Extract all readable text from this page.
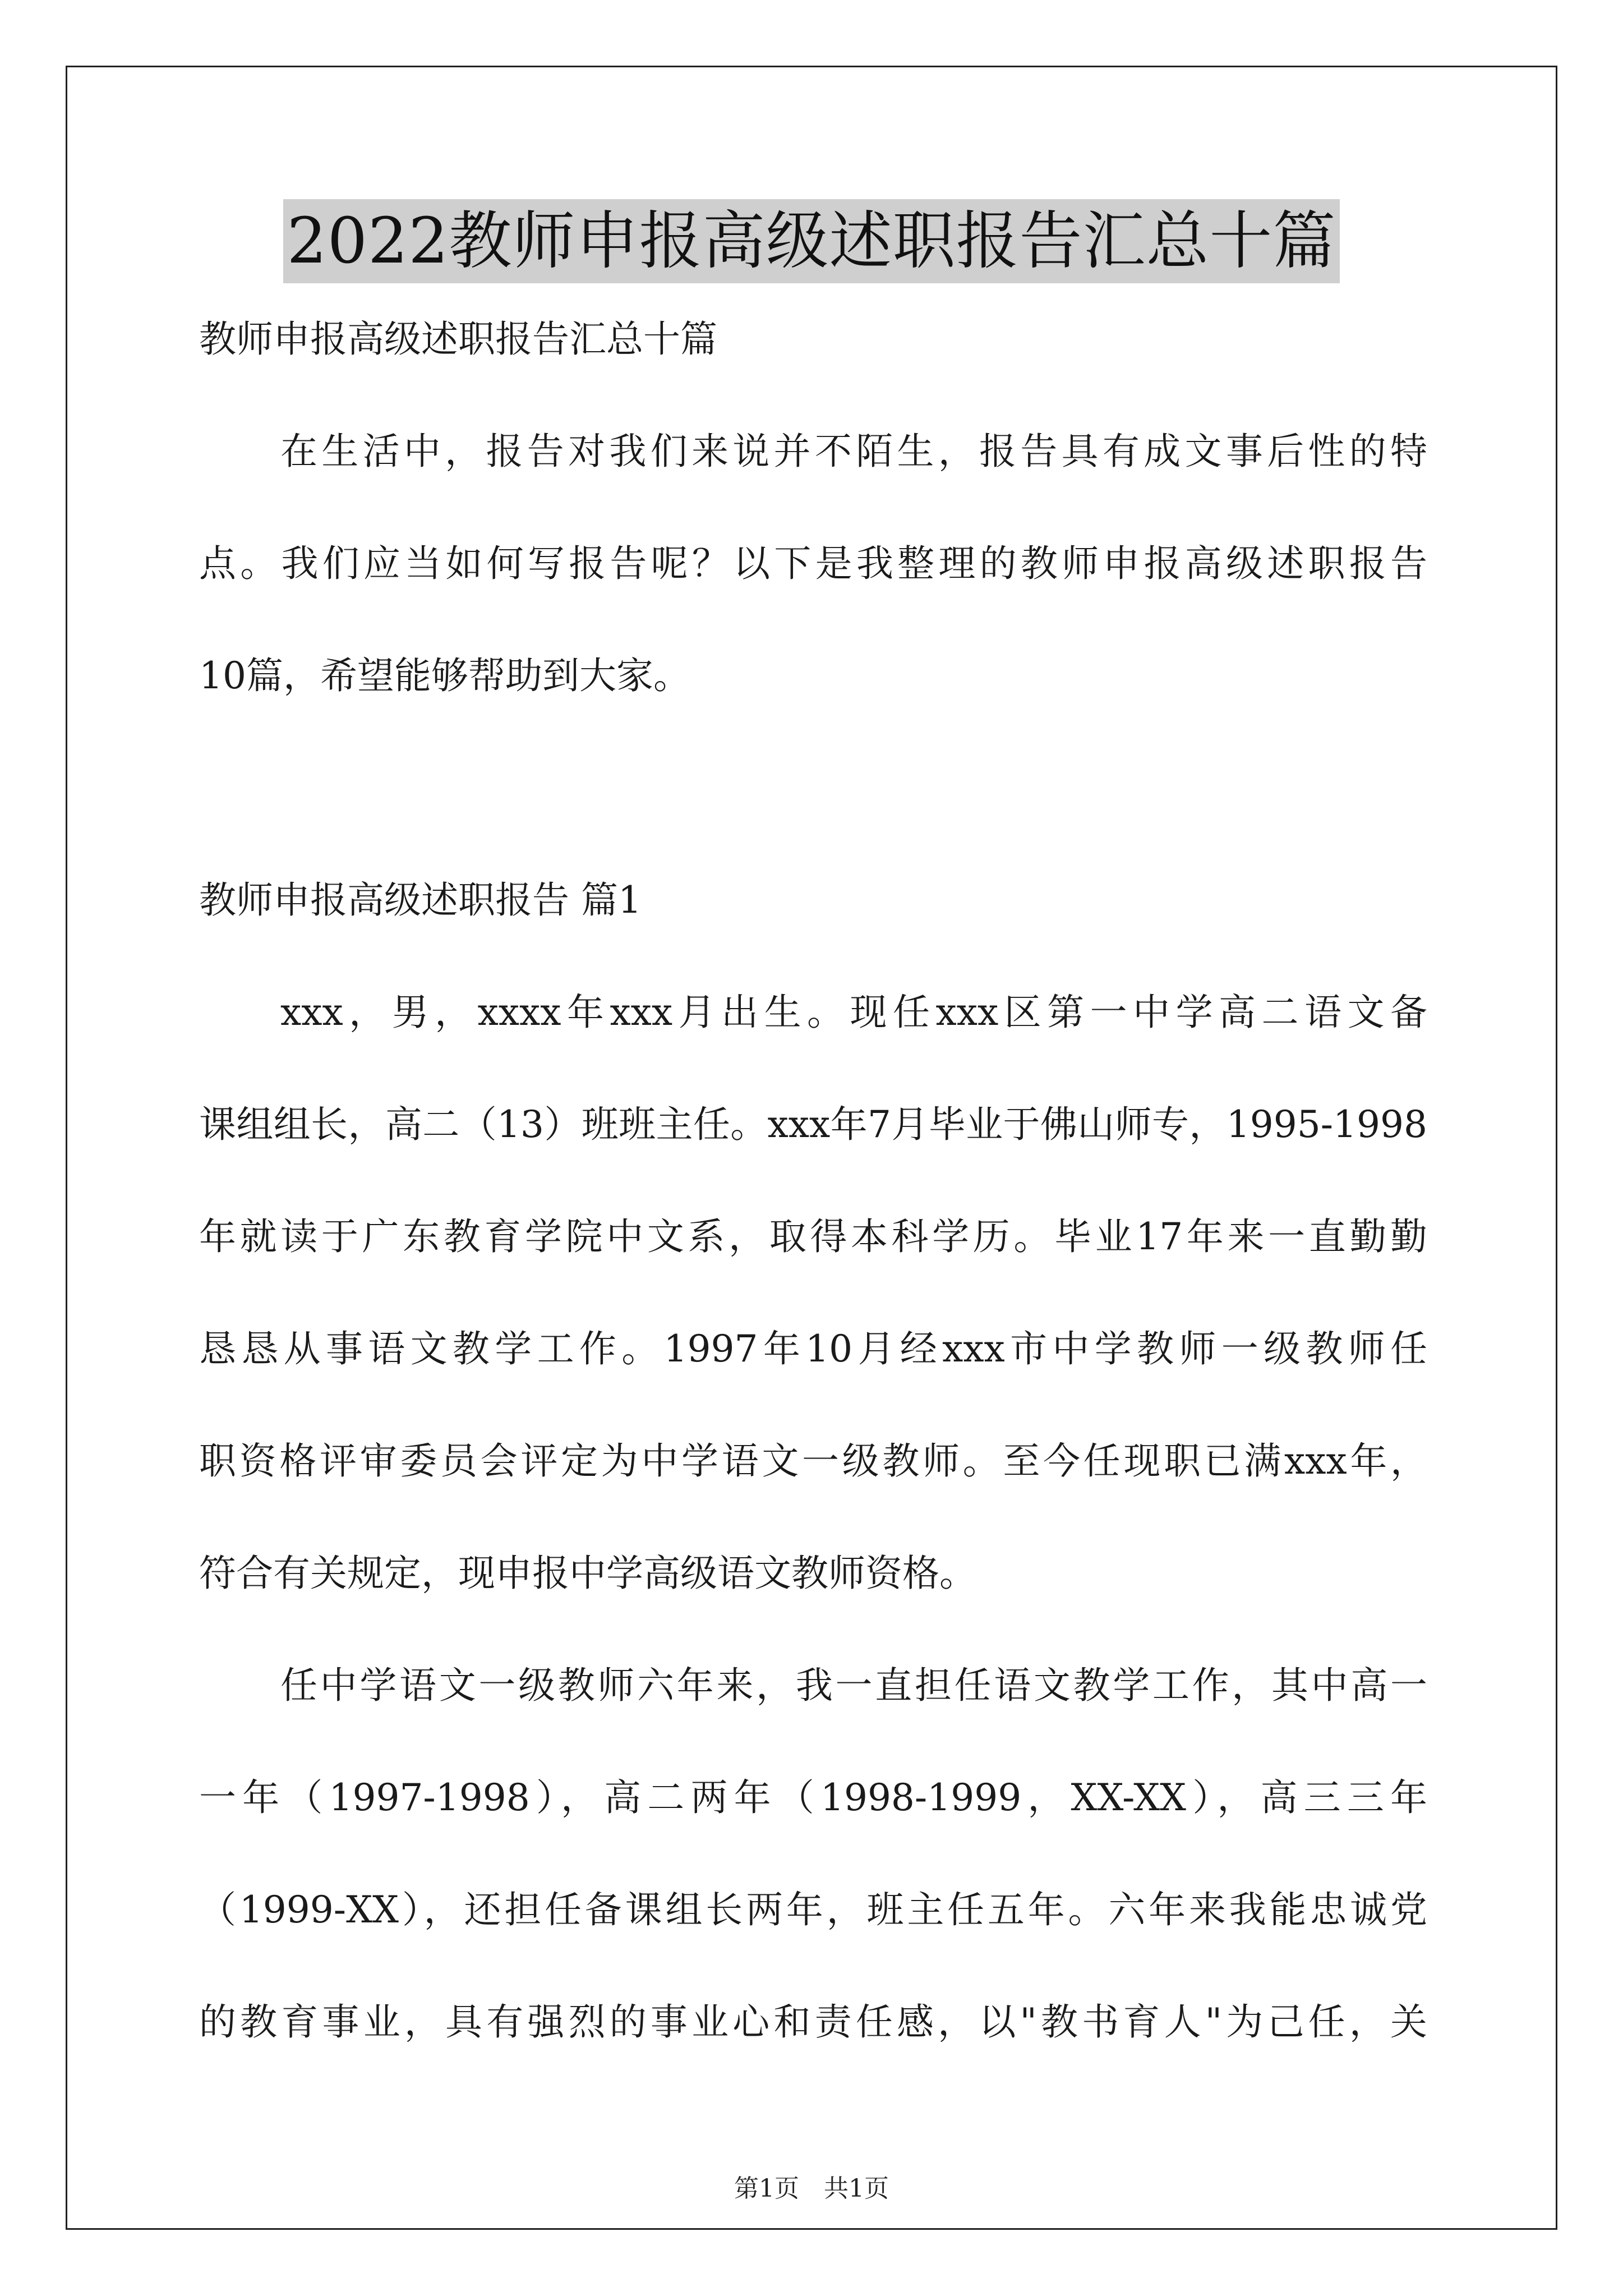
2022教师申报高级述职报告汇总十篇
教师申报高级述职报告汇总十篇
在生活中，报告对我们来说并不陌生，报告具有成文事后性的特
点。我们应当如何写报告呢？以下是我整理的教师申报高级述职报告
10篇，希望能够帮助到大家。
教师申报高级述职报告 篇1
xxx，男，xxxx年xxx月出生。现任xxx区第一中学高二语文备
课组组长，高二（13）班班主任。xxx年7月毕业于佛山师专，1995-1998
年就读于广东教育学院中文系，取得本科学历。毕业17年来一直勤勤
恳恳从事语文教学工作。1997年10月经xxx市中学教师一级教师任
职资格评审委员会评定为中学语文一级教师。至今任现职已满xxx年，
符合有关规定，现申报中学高级语文教师资格。
任中学语文一级教师六年来，我一直担任语文教学工作，其中高一
一年（1997-1998），高二两年（1998-1999，XX-XX），高三三年
（1999-XX），还担任备课组长两年，班主任五年。六年来我能忠诚党
的教育事业，具有强烈的事业心和责任感，以"教书育人"为己任，关
第1页 共1页
